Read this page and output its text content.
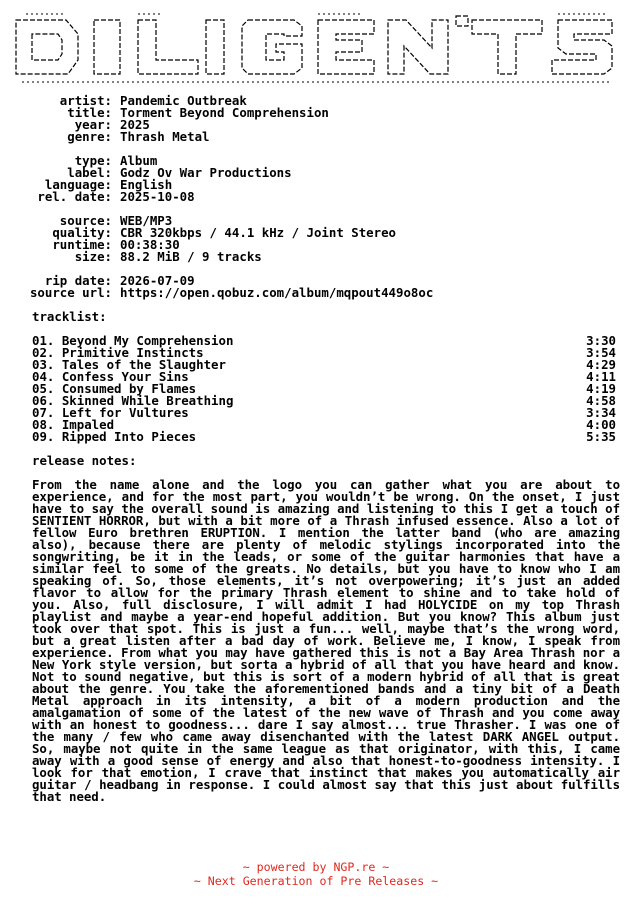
artist: Pandemic Outbreak
title: Torment Beyond Comprehension
year: 2025
genre: Thrash Metal
type: Album
label: Godz Ov War Productions
language: English
rel. date: 2025-10-08
source: WEB/MP3
quality: CBR 320kbps / 44.1 kHz / Joint Stereo
runtime: 00:38:30
size: 88.2 MiB / 9 tracks
rip date: 2026-07-09
source url: https://open.qobuz.com/album/mqpout449o8oc
tracklist:
01. Beyond My Comprehension	3:30
02. Primitive Instincts	3:54
03. Tales of the Slaughter	4:29
04. Confess Your Sins	4:11
05. Consumed by Flames	4:19
06. Skinned While Breathing	4:58
07. Left for Vultures	3:34
08. Impaled	4:00
09. Ripped Into Pieces	5:35
release notes:
From the name alone and the logo you can gather what you are about to experience, and for the most part, you wouldn’t be wrong. On the onset, I just have to say the overall sound is amazing and listening to this I get a touch of SENTIENT HORROR, but with a bit more of a Thrash infused essence. Also a lot of fellow Euro brethren ERUPTION. I mention the latter band (who are amazing also), because there are plenty of melodic stylings incorporated into the songwriting, be it in the leads, or some of the guitar harmonies that have a similar feel to some of the greats. No details, but you have to know who I am speaking of. So, those elements, it’s not overpowering; it’s just an added flavor to allow for the primary Thrash element to shine and to take hold of you. Also, full disclosure, I will admit I had HOLYCIDE on my top Thrash playlist and maybe a year-end hopeful addition. But you know? This album just took over that spot. This is just a fun... well, maybe that’s the wrong word, but a great listen after a bad day of work. Believe me, I know, I speak from experience. From what you may have gathered this is not a Bay Area Thrash nor a New York style version, but sorta a hybrid of all that you have heard and know. Not to sound negative, but this is sort of a modern hybrid of all that is great about the genre. You take the aforementioned bands and a tiny bit of a Death Metal approach in its intensity, a bit of a modern production and the amalgamation of some of the latest of the new wave of Thrash and you come away with an honest to goodness... dare I say almost... true Thrasher. I was one of the many / few who came away disenchanted with the latest DARK ANGEL output. So, maybe not quite in the same league as that originator, with this, I came away with a good sense of energy and also that honest-to-goodness intensity. I look for that emotion, I crave that instinct that makes you automatically air guitar / headbang in response. I could almost say that this just about fulfills that need.
~ powered by NGP.re ~
~ Next Generation of Pre Releases ~
